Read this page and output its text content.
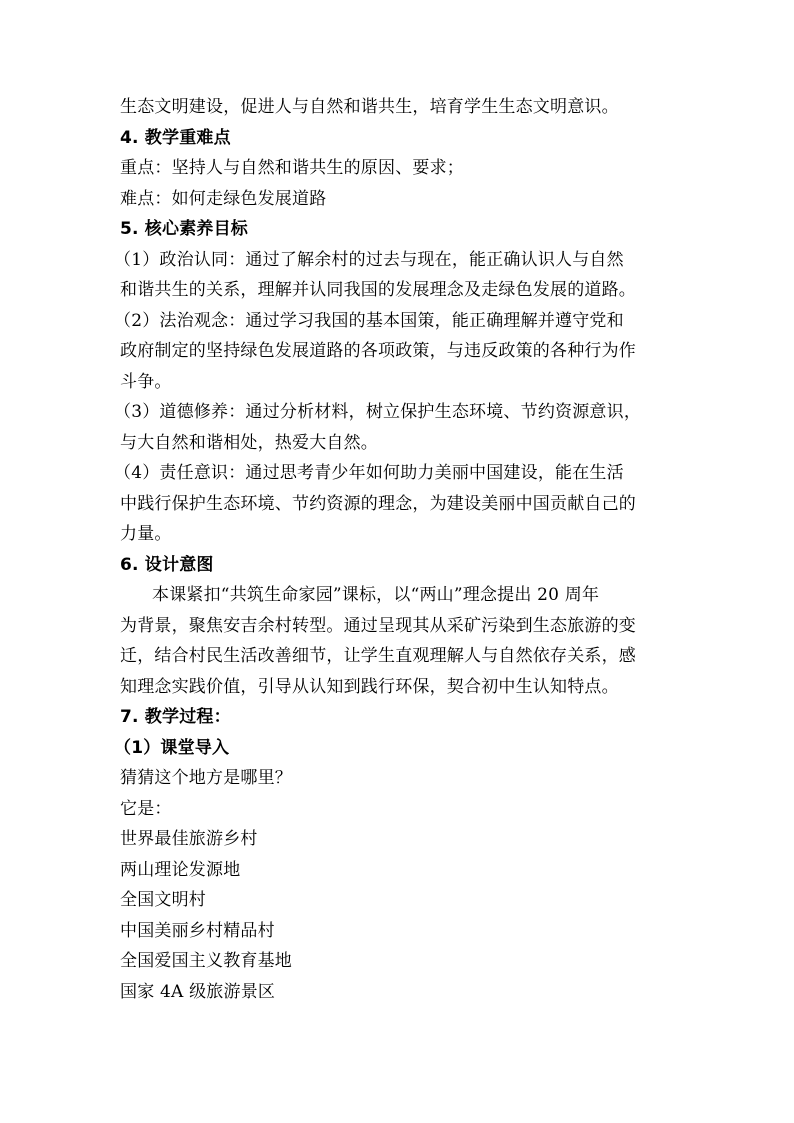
生态文明建设，促进人与自然和谐共生，培育学生生态文明意识。
4. 教学重难点
重点：坚持人与自然和谐共生的原因、要求；
难点：如何走绿色发展道路
5. 核心素养目标
（1）政治认同：通过了解余村的过去与现在，能正确认识人与自然
和谐共生的关系，理解并认同我国的发展理念及走绿色发展的道路。
（2）法治观念：通过学习我国的基本国策，能正确理解并遵守党和
政府制定的坚持绿色发展道路的各项政策，与违反政策的各种行为作
斗争。
（3）道德修养：通过分析材料，树立保护生态环境、节约资源意识，
与大自然和谐相处，热爱大自然。
（4）责任意识：通过思考青少年如何助力美丽中国建设，能在生活
中践行保护生态环境、节约资源的理念，为建设美丽中国贡献自己的
力量。
6. 设计意图
本课紧扣“共筑生命家园”课标，以“两山”理念提出 20 周年
为背景，聚焦安吉余村转型。通过呈现其从采矿污染到生态旅游的变
迁，结合村民生活改善细节，让学生直观理解人与自然依存关系，感
知理念实践价值，引导从认知到践行环保，契合初中生认知特点。
7. 教学过程：
（1）课堂导入
猜猜这个地方是哪里？
它是：
世界最佳旅游乡村
两山理论发源地
全国文明村
中国美丽乡村精品村
全国爱国主义教育基地
国家 4A 级旅游景区
